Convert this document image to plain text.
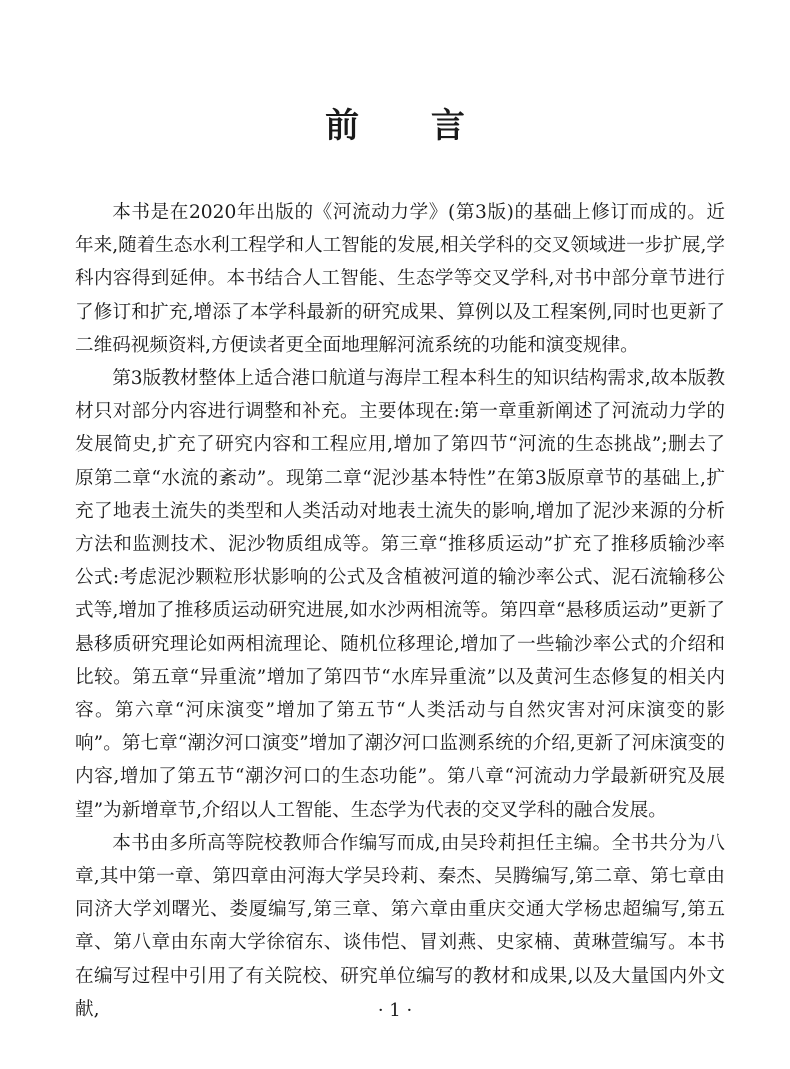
前 言

本书是在2020年出版的《河流动力学》(第3版)的基础上修订而成的。近年来,随着生态水利工程学和人工智能的发展,相关学科的交叉领域进一步扩展,学科内容得到延伸。本书结合人工智能、生态学等交叉学科,对书中部分章节进行了修订和扩充,增添了本学科最新的研究成果、算例以及工程案例,同时也更新了二维码视频资料,方便读者更全面地理解河流系统的功能和演变规律。

第3版教材整体上适合港口航道与海岸工程本科生的知识结构需求,故本版教材只对部分内容进行调整和补充。主要体现在:第一章重新阐述了河流动力学的发展简史,扩充了研究内容和工程应用,增加了第四节“河流的生态挑战”;删去了原第二章“水流的紊动”。现第二章“泥沙基本特性”在第3版原章节的基础上,扩充了地表土流失的类型和人类活动对地表土流失的影响,增加了泥沙来源的分析方法和监测技术、泥沙物质组成等。第三章“推移质运动”扩充了推移质输沙率公式:考虑泥沙颗粒形状影响的公式及含植被河道的输沙率公式、泥石流输移公式等,增加了推移质运动研究进展,如水沙两相流等。第四章“悬移质运动”更新了悬移质研究理论如两相流理论、随机位移理论,增加了一些输沙率公式的介绍和比较。第五章“异重流”增加了第四节“水库异重流”以及黄河生态修复的相关内容。第六章“河床演变”增加了第五节“人类活动与自然灾害对河床演变的影响”。第七章“潮汐河口演变”增加了潮汐河口监测系统的介绍,更新了河床演变的内容,增加了第五节“潮汐河口的生态功能”。第八章“河流动力学最新研究及展望”为新增章节,介绍以人工智能、生态学为代表的交叉学科的融合发展。

本书由多所高等院校教师合作编写而成,由吴玲莉担任主编。全书共分为八章,其中第一章、第四章由河海大学吴玲莉、秦杰、吴腾编写,第二章、第七章由同济大学刘曙光、娄厦编写,第三章、第六章由重庆交通大学杨忠超编写,第五章、第八章由东南大学徐宿东、谈伟恺、冒刘燕、史家楠、黄琳萱编写。本书在编写过程中引用了有关院校、研究单位编写的教材和成果,以及大量国内外文献,	· 1 ·
